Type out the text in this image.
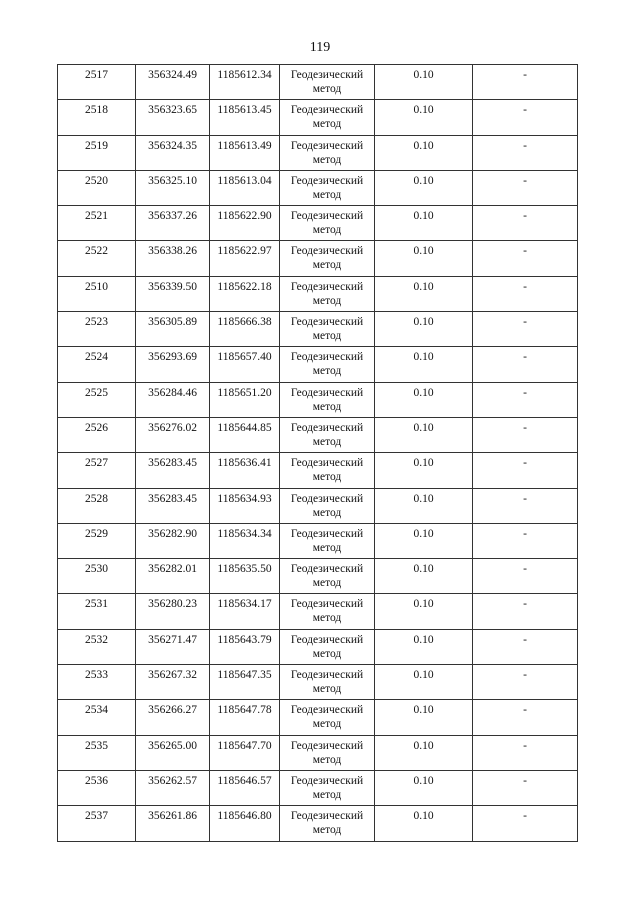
119
2517	356324.49	1185612.34	Геодезический метод	0.10	-

2518	356323.65	1185613.45	Геодезический метод	0.10	-

2519	356324.35	1185613.49	Геодезический метод	0.10	-

2520	356325.10	1185613.04	Геодезический метод	0.10	-

2521	356337.26	1185622.90	Геодезический метод	0.10	-

2522	356338.26	1185622.97	Геодезический метод	0.10	-

2510	356339.50	1185622.18	Геодезический метод	0.10	-

2523	356305.89	1185666.38	Геодезический метод	0.10	-

2524	356293.69	1185657.40	Геодезический метод	0.10	-

2525	356284.46	1185651.20	Геодезический метод	0.10	-

2526	356276.02	1185644.85	Геодезический метод	0.10	-

2527	356283.45	1185636.41	Геодезический метод	0.10	-

2528	356283.45	1185634.93	Геодезический метод	0.10	-

2529	356282.90	1185634.34	Геодезический метод	0.10	-

2530	356282.01	1185635.50	Геодезический метод	0.10	-

2531	356280.23	1185634.17	Геодезический метод	0.10	-

2532	356271.47	1185643.79	Геодезический метод	0.10	-

2533	356267.32	1185647.35	Геодезический метод	0.10	-

2534	356266.27	1185647.78	Геодезический метод	0.10	-

2535	356265.00	1185647.70	Геодезический метод	0.10	-

2536	356262.57	1185646.57	Геодезический метод	0.10	-

2537	356261.86	1185646.80	Геодезический метод	0.10	-
